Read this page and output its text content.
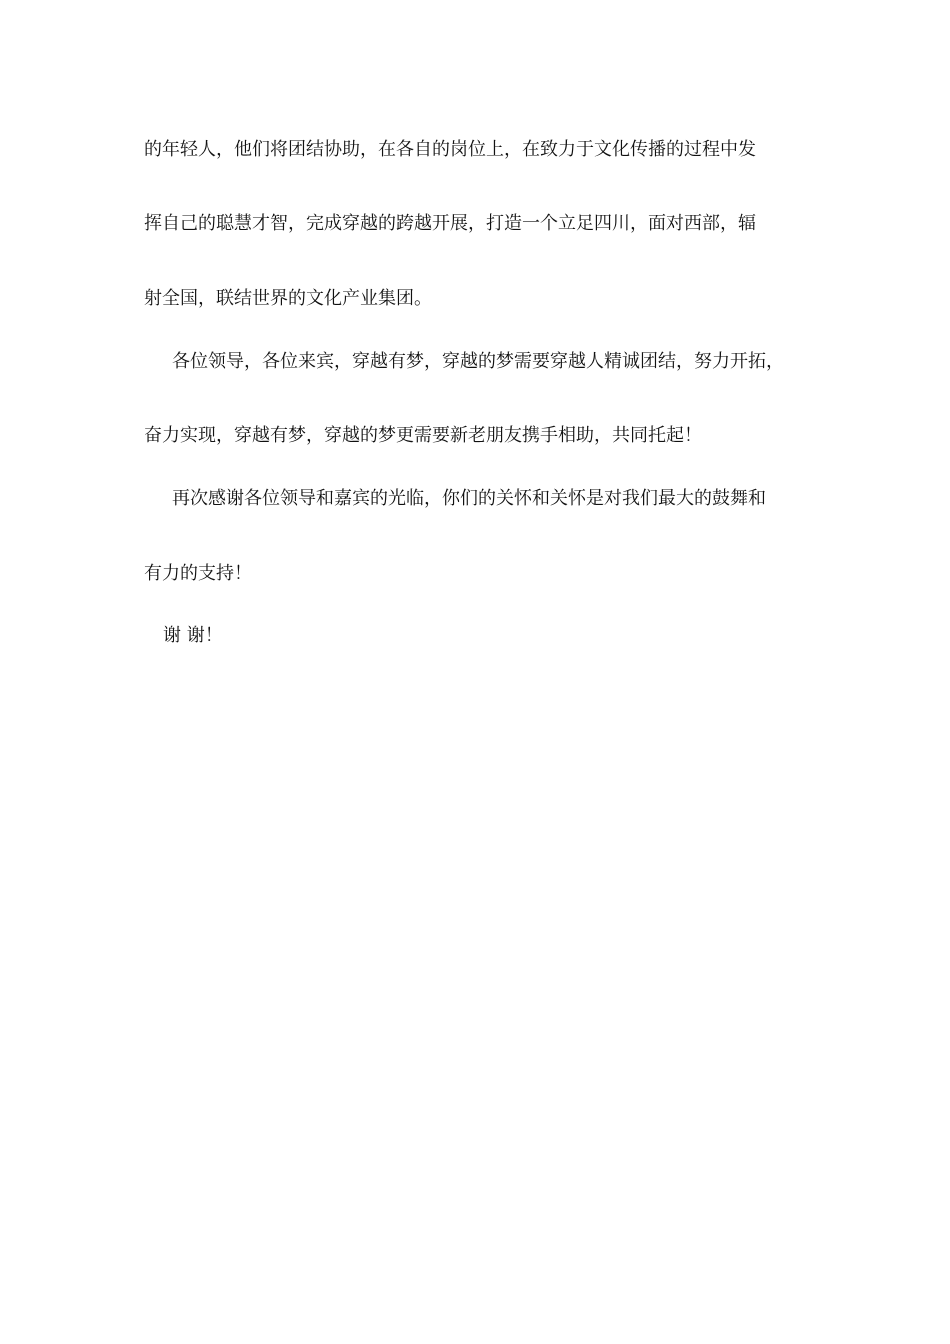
的年轻人，他们将团结协助，在各自的岗位上，在致力于文化传播的过程中发
挥自己的聪慧才智，完成穿越的跨越开展，打造一个立足四川，面对西部，辐
射全国，联结世界的文化产业集团。
各位领导，各位来宾，穿越有梦，穿越的梦需要穿越人精诚团结，努力开拓，
奋力实现，穿越有梦，穿越的梦更需要新老朋友携手相助，共同托起！
再次感谢各位领导和嘉宾的光临，你们的关怀和关怀是对我们最大的鼓舞和
有力的支持！
谢 谢！
